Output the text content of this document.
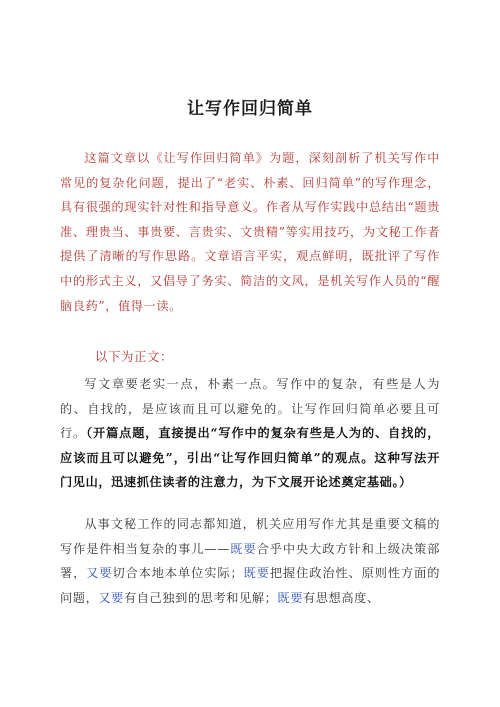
让写作回归简单

这篇文章以《让写作回归简单》为题，深刻剖析了机关写作中常见的复杂化问题，提出了“老实、朴素、回归简单”的写作理念，具有很强的现实针对性和指导意义。作者从写作实践中总结出“题贵准、理贵当、事贵要、言贵实、文贵精”等实用技巧，为文秘工作者提供了清晰的写作思路。文章语言平实，观点鲜明，既批评了写作中的形式主义，又倡导了务实、简洁的文风，是机关写作人员的“醒脑良药”，值得一读。

以下为正文：

写文章要老实一点，朴素一点。写作中的复杂，有些是人为的、自找的，是应该而且可以避免的。让写作回归简单必要且可行。（开篇点题，直接提出“写作中的复杂有些是人为的、自找的，应该而且可以避免”，引出“让写作回归简单”的观点。这种写法开门见山，迅速抓住读者的注意力，为下文展开论述奠定基础。）

从事文秘工作的同志都知道，机关应用写作尤其是重要文稿的写作是件相当复杂的事儿——既要合乎中央大政方针和上级决策部署，又要切合本地本单位实际；既要把握住政治性、原则性方面的问题，又要有自己独到的思考和见解；既要有思想高度、
